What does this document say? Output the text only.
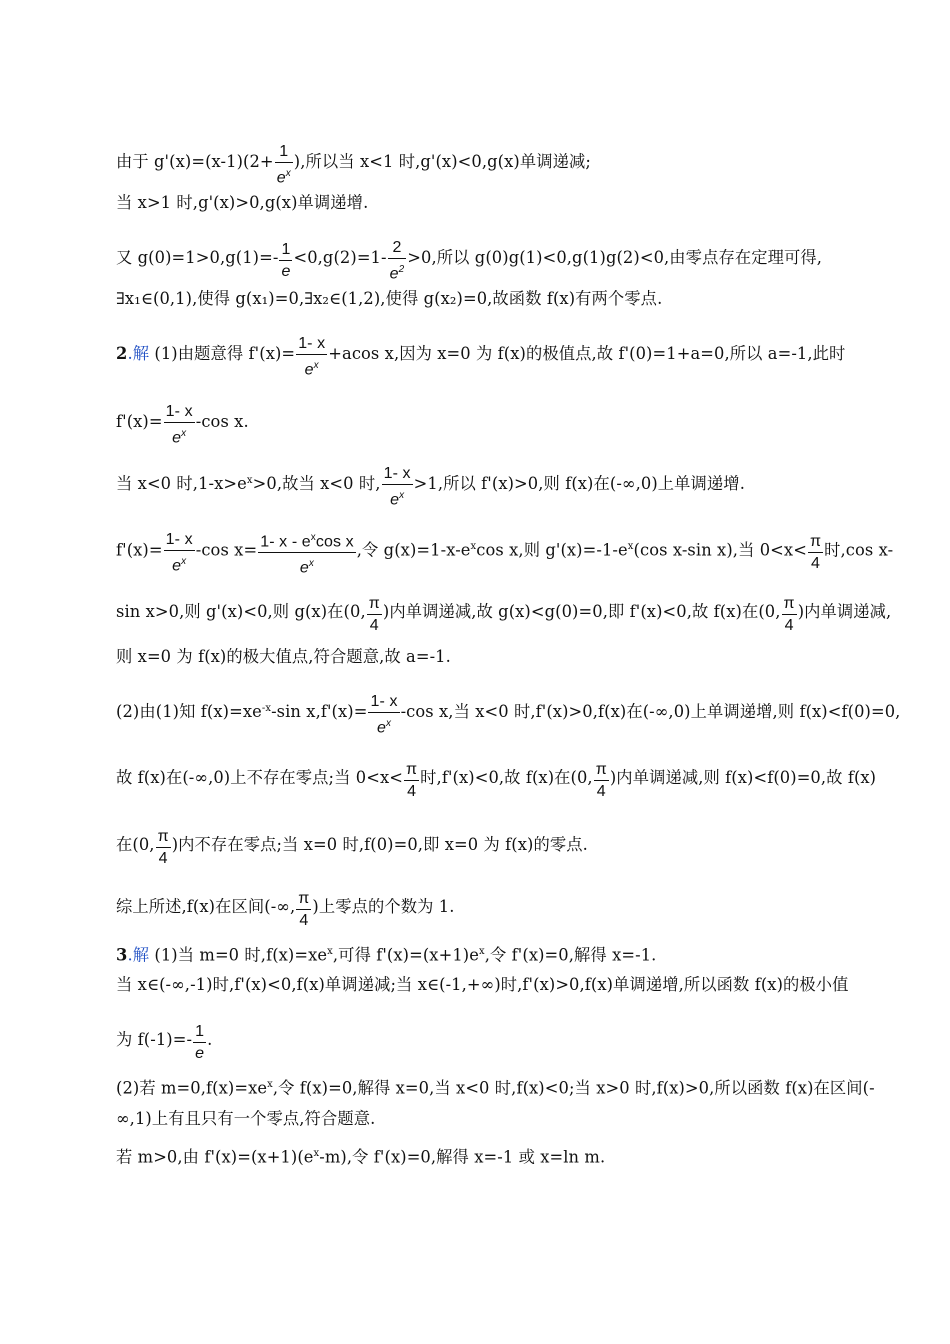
由于 $g'(x)=(x-1)(2+ \frac{1}{e^x}$ ),所以当 x<1 时,g'(x)<0,g(x)单调递减;
当 x>1 时,g'(x)>0,g(x)单调递增.
又 $g(0)=1>0,g(1)=- \frac{1}{e} <0,g(2)=1- \frac{2}{e^2} >0$,所以 g(0)g(1)<0,g(1)g(2)<0,由零点存在定理可得,
∃x₁∈(0,1),使得 g(x₁)=0,∃x₂∈(1,2),使得 g(x₂)=0,故函数 f(x)有两个零点.
2.解 (1)由题意得 $f'(x)= \frac{1- x}{e^x} +acos$ x,因为 x=0 为 f(x)的极值点,故 f'(0)=1+a=0,所以 a=-1,此时
$f'(x)= \frac{1- x}{e^x} -\cos$ x.
当 x<0 时$,1-x>e^x>0$,故当 x<0 时, $\frac{1- x}{e^x} >1$,所以 f'(x)>0,则 f(x)在(-∞,0)上单调递增.
$f'(x)= \frac{1- x}{e^x} -\cos$ $x= \frac{1- x - e^x\cos x}{e^x}$ ,令 $g(x)=1-x-e^x\cos$ x,则 $g'(x)=-1-e^x(\cos$ x-sin x),当 $0<x< \frac{\pi}{4}$ 时,cos x-
sin x>0,则 g'(x)<0,则 g(x)在(0, $\frac{\pi}{4}$ )内单调递减,故 g(x)<g(0)=0,即 f'(x)<0,故 f(x)在(0, $\frac{\pi}{4}$ )内单调递减,
则 x=0 为 f(x)的极大值点,符合题意,故 a=-1.
(2)由(1)知 $f(x)=xe^{-x}-\sin$ $x,f'(x)= \frac{1- x}{e^x} -\cos$ x,当 x<0 时,f'(x)>0,f(x)在(-∞,0)上单调递增,则 f(x)<f(0)=0,
故 f(x)在(-∞,0)上不存在零点;当 $0<x< \frac{\pi}{4}$ 时,f'(x)<0,故 f(x)在(0, $\frac{\pi}{4}$ )内单调递减,则 f(x)<f(0)=0,故 f(x)
在(0, $\frac{\pi}{4}$ )内不存在零点;当 x=0 时,f(0)=0,即 x=0 为 f(x)的零点.
综上所述,f(x)在区间(-∞, $\frac{\pi}{4}$ )上零点的个数为 1.
3.解 (1)当 m=0 时$,f(x)=xe^x$,可得 $f'(x)=(x+1)e^x$,令 f'(x)=0,解得 x=-1.
当 x∈(-∞,-1)时,f'(x)<0,f(x)单调递减;当 x∈(-1,+∞)时,f'(x)>0,f(x)单调递增,所以函数 f(x)的极小值
为 $f(-1)=- \frac{1}{e}$ .
(2)若 $m=0,f(x)=xe^x$,令 f(x)=0,解得 x=0,当 x<0 时,f(x)<0;当 x>0 时,f(x)>0,所以函数 f(x)在区间(-
∞,1)上有且只有一个零点,符合题意.
若 m>0,由 $f'(x)=(x+1)(e^x-m)$,令 f'(x)=0,解得 x=-1 或 x=ln m.
